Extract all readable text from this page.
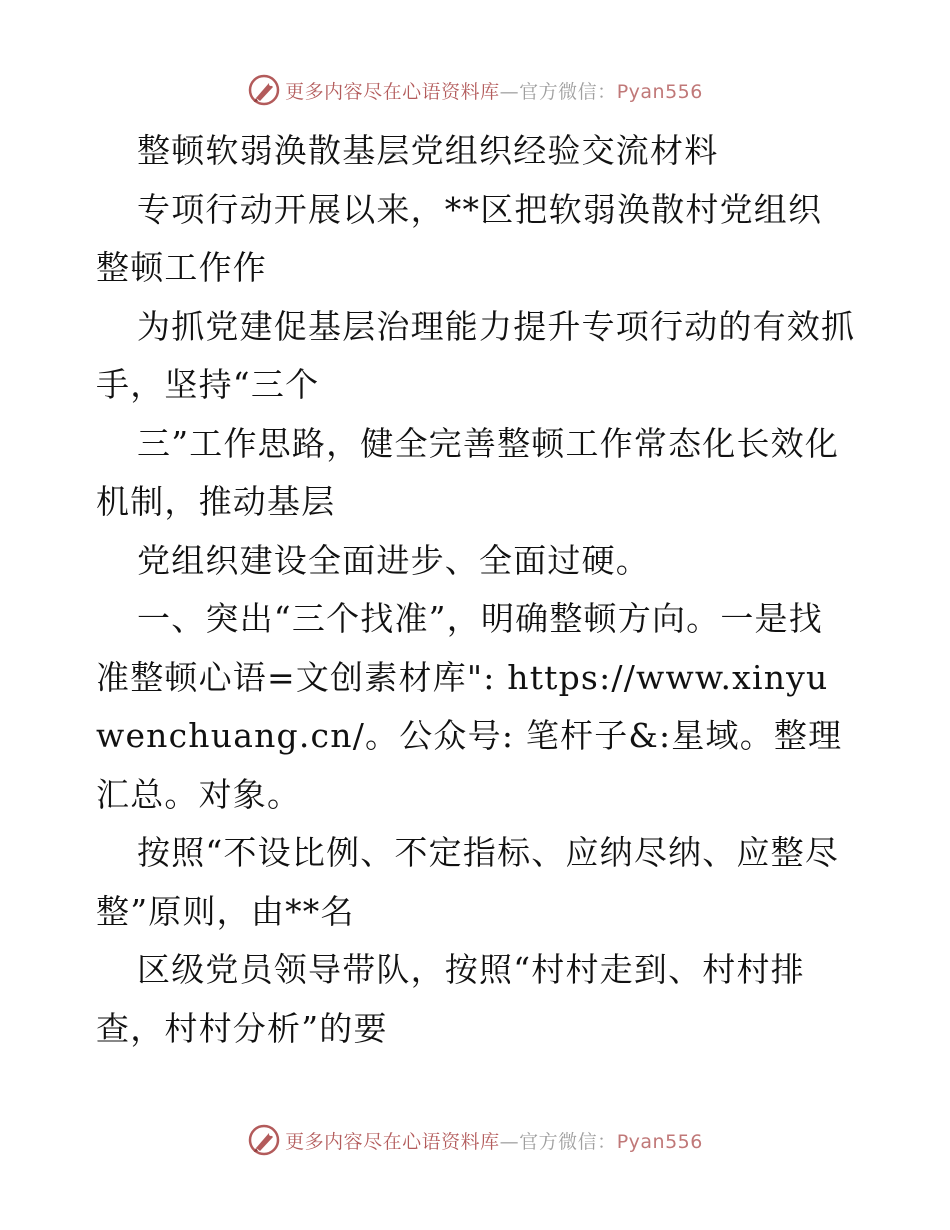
更多内容尽在心语资料库—官方微信：Pyan556

整顿软弱涣散基层党组织经验交流材料

专项行动开展以来，**区把软弱涣散村党组织整顿工作作

为抓党建促基层治理能力提升专项行动的有效抓手，坚持“三个

三”工作思路，健全完善整顿工作常态化长效化机制，推动基层

党组织建设全面进步、全面过硬。

一、突出“三个找准”，明确整顿方向。一是找准整顿心语=文创素材库": https://www.xinyuwenchuang.cn/。公众号: 笔杆子&:星域。整理汇总。对象。

按照“不设比例、不定指标、应纳尽纳、应整尽整”原则，由**名

区级党员领导带队，按照“村村走到、村村排查，村村分析”的要

更多内容尽在心语资料库—官方微信：Pyan556
